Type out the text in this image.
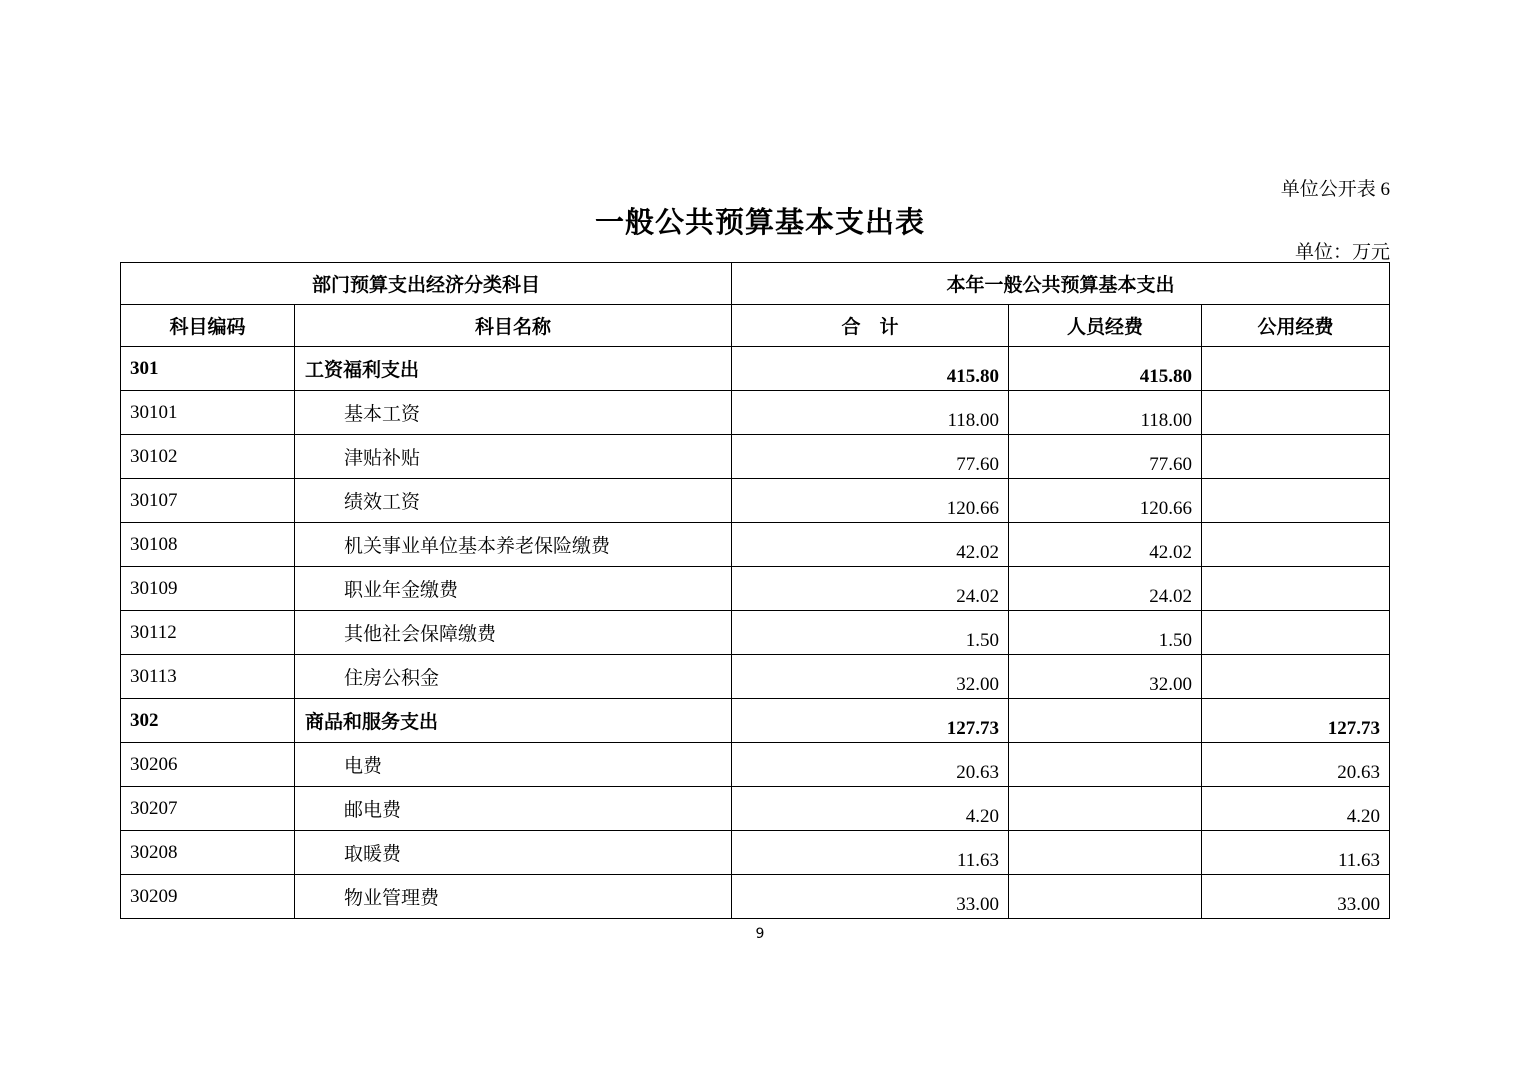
单位公开表 6
一般公共预算基本支出表
单位：万元
部门预算支出经济分类科目		本年一般公共预算基本支出		
科目编码	科目名称	合　计	人员经费	公用经费
301	工资福利支出	415.80	415.80	
30101	基本工资	118.00	118.00	
30102	津贴补贴	77.60	77.60	
30107	绩效工资	120.66	120.66	
30108	机关事业单位基本养老保险缴费	42.02	42.02	
30109	职业年金缴费	24.02	24.02	
30112	其他社会保障缴费	1.50	1.50	
30113	住房公积金	32.00	32.00	
302	商品和服务支出	127.73		127.73
30206	电费	20.63		20.63
30207	邮电费	4.20		4.20
30208	取暖费	11.63		11.63
30209	物业管理费	33.00		33.00
9
